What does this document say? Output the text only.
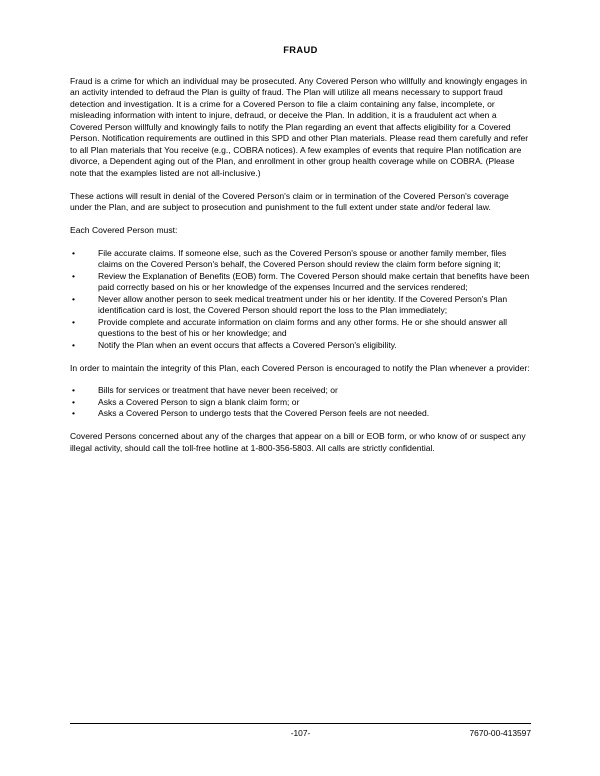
FRAUD

Fraud is a crime for which an individual may be prosecuted. Any Covered Person who willfully and knowingly engages in an activity intended to defraud the Plan is guilty of fraud. The Plan will utilize all means necessary to support fraud detection and investigation. It is a crime for a Covered Person to file a claim containing any false, incomplete, or misleading information with intent to injure, defraud, or deceive the Plan. In addition, it is a fraudulent act when a Covered Person willfully and knowingly fails to notify the Plan regarding an event that affects eligibility for a Covered Person. Notification requirements are outlined in this SPD and other Plan materials. Please read them carefully and refer to all Plan materials that You receive (e.g., COBRA notices). A few examples of events that require Plan notification are divorce, a Dependent aging out of the Plan, and enrollment in other group health coverage while on COBRA. (Please note that the examples listed are not all-inclusive.)

These actions will result in denial of the Covered Person's claim or in termination of the Covered Person's coverage under the Plan, and are subject to prosecution and punishment to the full extent under state and/or federal law.

Each Covered Person must:

•	File accurate claims. If someone else, such as the Covered Person's spouse or another family member, files claims on the Covered Person's behalf, the Covered Person should review the claim form before signing it;
•	Review the Explanation of Benefits (EOB) form. The Covered Person should make certain that benefits have been paid correctly based on his or her knowledge of the expenses Incurred and the services rendered;
•	Never allow another person to seek medical treatment under his or her identity. If the Covered Person's Plan identification card is lost, the Covered Person should report the loss to the Plan immediately;
•	Provide complete and accurate information on claim forms and any other forms. He or she should answer all questions to the best of his or her knowledge; and
•	Notify the Plan when an event occurs that affects a Covered Person's eligibility.

In order to maintain the integrity of this Plan, each Covered Person is encouraged to notify the Plan whenever a provider:

•	Bills for services or treatment that have never been received; or
•	Asks a Covered Person to sign a blank claim form; or
•	Asks a Covered Person to undergo tests that the Covered Person feels are not needed.

Covered Persons concerned about any of the charges that appear on a bill or EOB form, or who know of or suspect any illegal activity, should call the toll-free hotline at 1-800-356-5803. All calls are strictly confidential.

-107-	7670-00-413597
